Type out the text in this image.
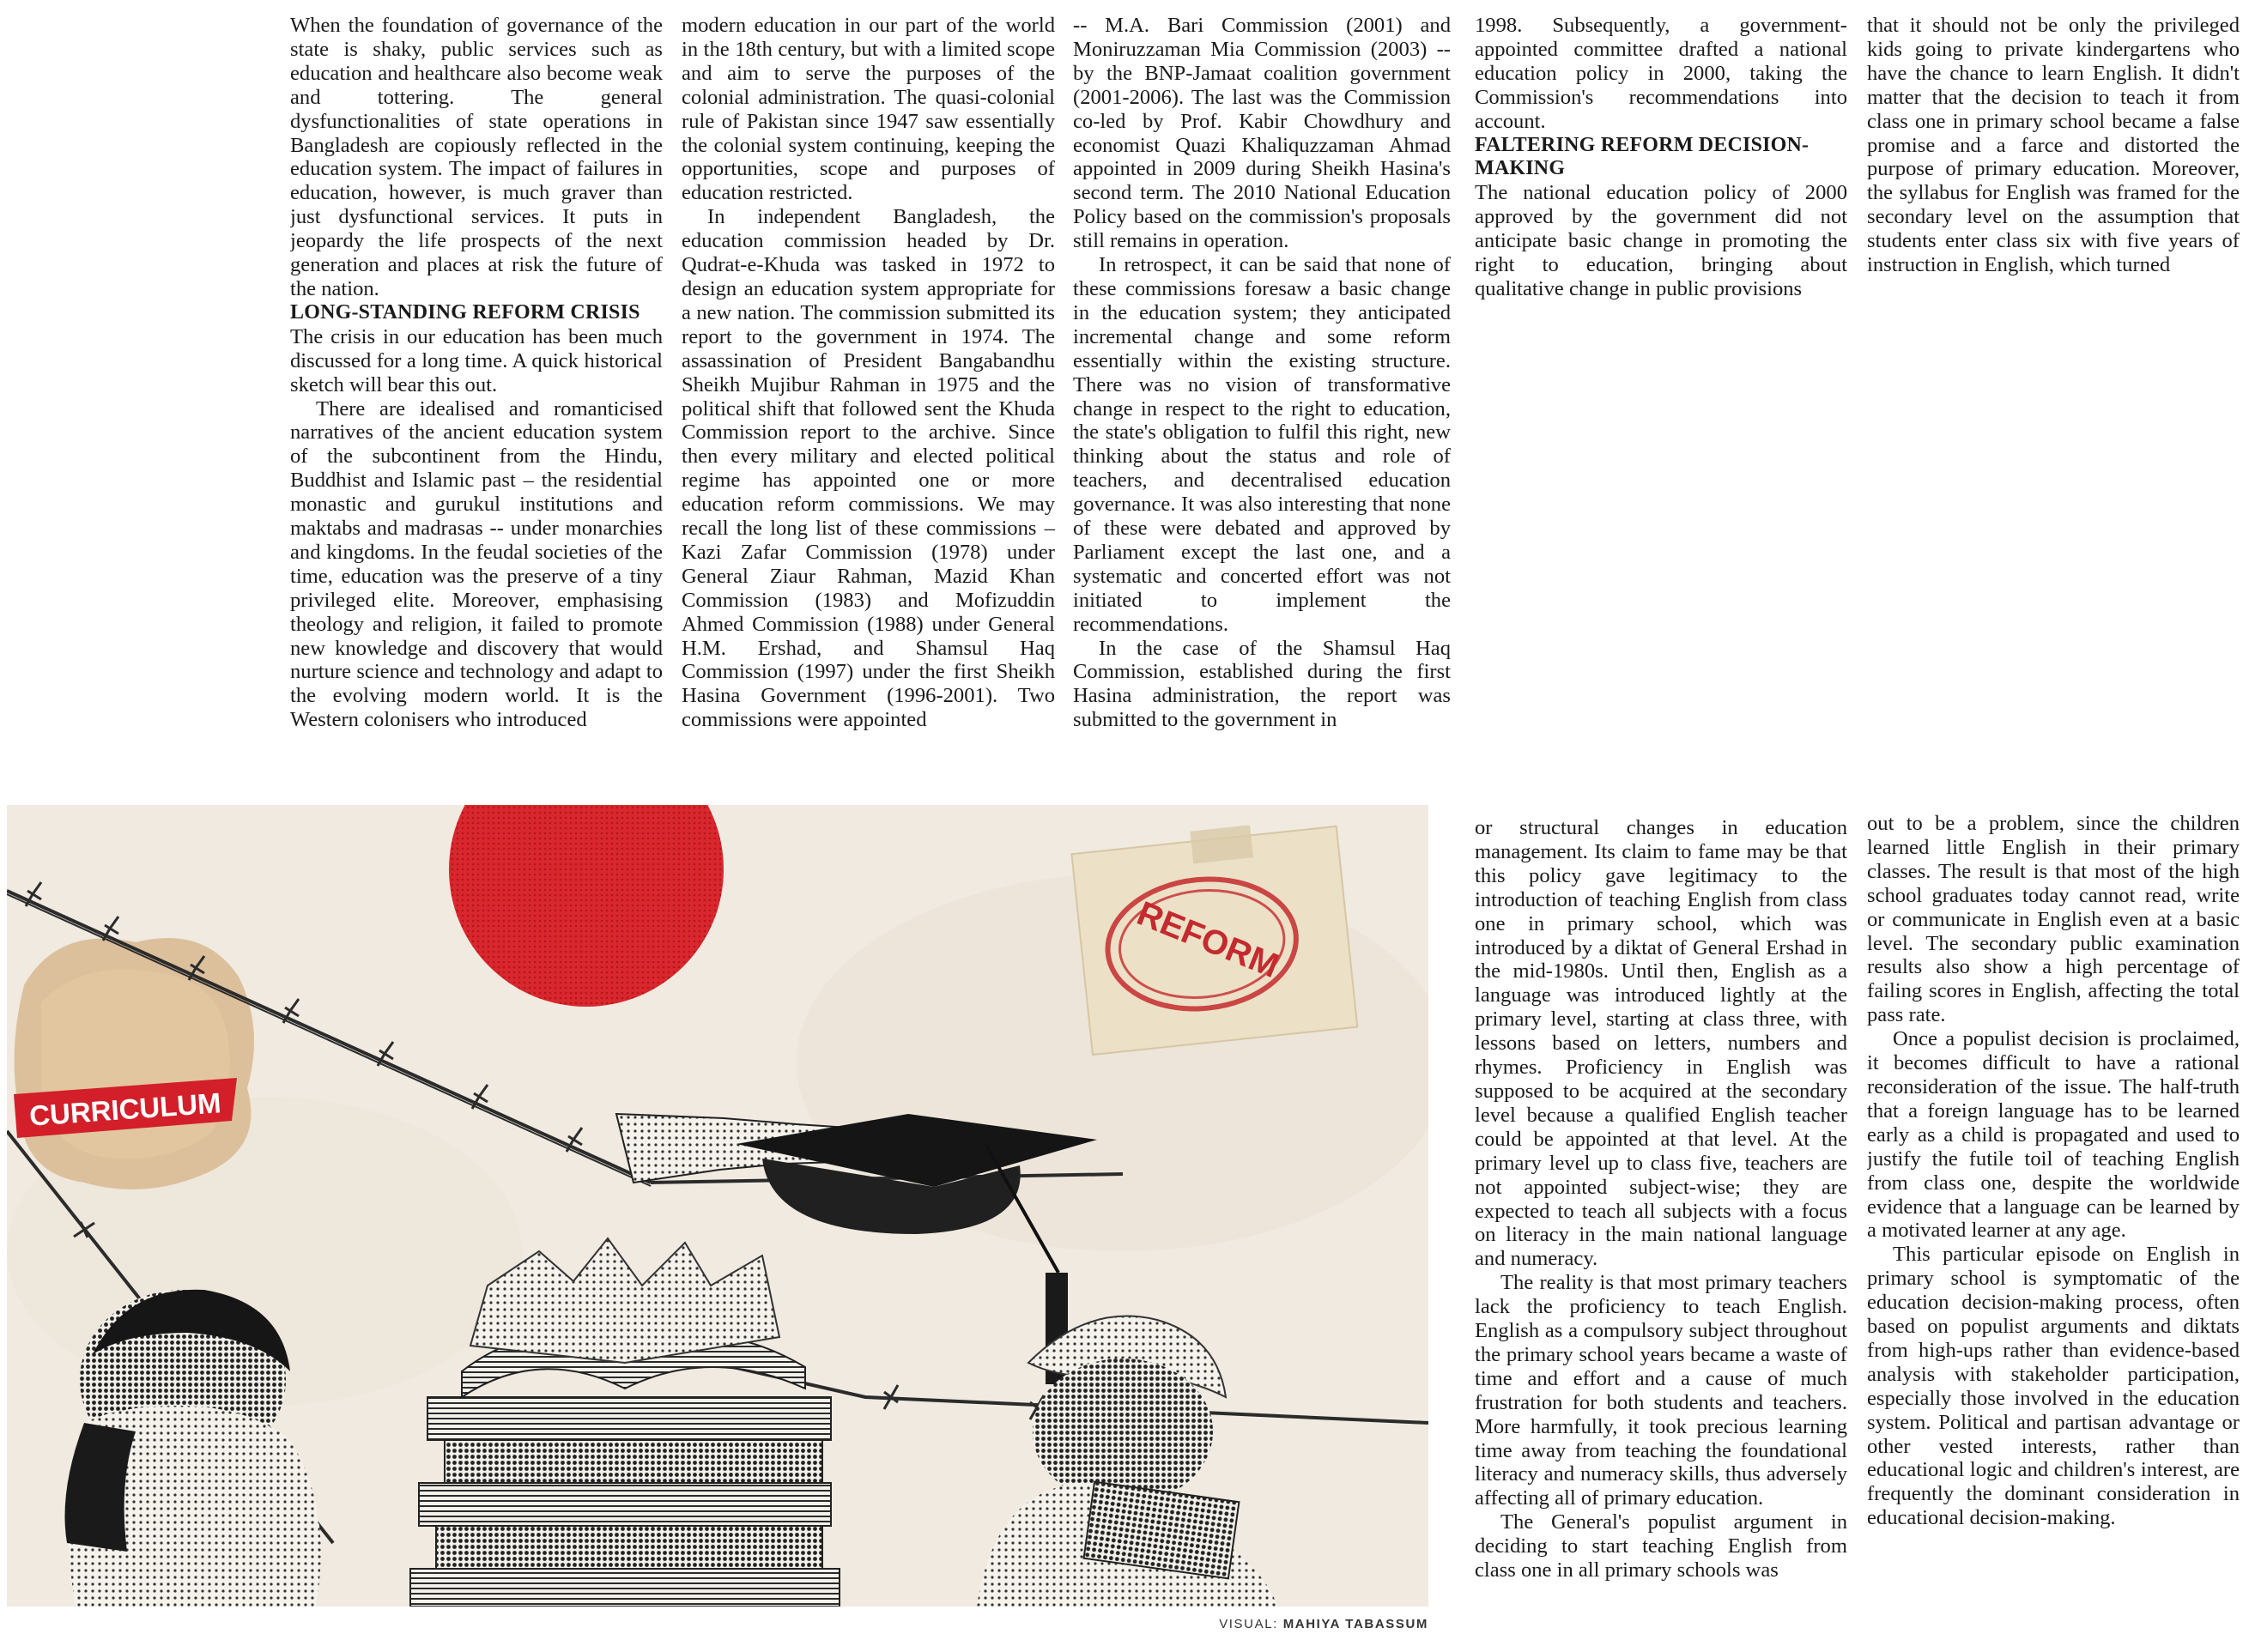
When the foundation of governance of the state is shaky, public services such as education and healthcare also become weak and tottering. The general dysfunctionalities of state operations in Bangladesh are copiously reflected in the education system. The impact of failures in education, however, is much graver than just dysfunctional services. It puts in jeopardy the life prospects of the next generation and places at risk the future of the nation.

LONG-STANDING REFORM CRISIS

The crisis in our education has been much discussed for a long time. A quick historical sketch will bear this out.

There are idealised and romanticised narratives of the ancient education system of the subcontinent from the Hindu, Buddhist and Islamic past – the residential monastic and gurukul institutions and maktabs and madrasas -- under monarchies and kingdoms. In the feudal societies of the time, education was the preserve of a tiny privileged elite. Moreover, emphasising theology and religion, it failed to promote new knowledge and discovery that would nurture science and technology and adapt to the evolving modern world. It is the Western colonisers who introduced

modern education in our part of the world in the 18th century, but with a limited scope and aim to serve the purposes of the colonial administration. The quasi-colonial rule of Pakistan since 1947 saw essentially the colonial system continuing, keeping the opportunities, scope and purposes of education restricted.

In independent Bangladesh, the education commission headed by Dr. Qudrat-e-Khuda was tasked in 1972 to design an education system appropriate for a new nation. The commission submitted its report to the government in 1974. The assassination of President Bangabandhu Sheikh Mujibur Rahman in 1975 and the political shift that followed sent the Khuda Commission report to the archive. Since then every military and elected political regime has appointed one or more education reform commissions. We may recall the long list of these commissions – Kazi Zafar Commission (1978) under General Ziaur Rahman, Mazid Khan Commission (1983) and Mofizuddin Ahmed Commission (1988) under General H.M. Ershad, and Shamsul Haq Commission (1997) under the first Sheikh Hasina Government (1996-2001). Two commissions were appointed

-- M.A. Bari Commission (2001) and Moniruzzaman Mia Commission (2003) -- by the BNP-Jamaat coalition government (2001-2006). The last was the Commission co-led by Prof. Kabir Chowdhury and economist Quazi Khaliquzzaman Ahmad appointed in 2009 during Sheikh Hasina's second term. The 2010 National Education Policy based on the commission's proposals still remains in operation.

In retrospect, it can be said that none of these commissions foresaw a basic change in the education system; they anticipated incremental change and some reform essentially within the existing structure. There was no vision of transformative change in respect to the right to education, the state's obligation to fulfil this right, new thinking about the status and role of teachers, and decentralised education governance. It was also interesting that none of these were debated and approved by Parliament except the last one, and a systematic and concerted effort was not initiated to implement the recommendations.

In the case of the Shamsul Haq Commission, established during the first Hasina administration, the report was submitted to the government in

1998. Subsequently, a government-appointed committee drafted a national education policy in 2000, taking the Commission's recommendations into account.

FALTERING REFORM DECISION-MAKING

The national education policy of 2000 approved by the government did not anticipate basic change in promoting the right to education, bringing about qualitative change in public provisions

that it should not be only the privileged kids going to private kindergartens who have the chance to learn English. It didn't matter that the decision to teach it from class one in primary school became a false promise and a farce and distorted the purpose of primary education. Moreover, the syllabus for English was framed for the secondary level on the assumption that students enter class six with five years of instruction in English, which turned

CURRICULUM
REFORM
VISUAL: MAHIYA TABASSUM

or structural changes in education management. Its claim to fame may be that this policy gave legitimacy to the introduction of teaching English from class one in primary school, which was introduced by a diktat of General Ershad in the mid-1980s. Until then, English as a language was introduced lightly at the primary level, starting at class three, with lessons based on letters, numbers and rhymes. Proficiency in English was supposed to be acquired at the secondary level because a qualified English teacher could be appointed at that level. At the primary level up to class five, teachers are not appointed subject-wise; they are expected to teach all subjects with a focus on literacy in the main national language and numeracy.

The reality is that most primary teachers lack the proficiency to teach English. English as a compulsory subject throughout the primary school years became a waste of time and effort and a cause of much frustration for both students and teachers. More harmfully, it took precious learning time away from teaching the foundational literacy and numeracy skills, thus adversely affecting all of primary education.

The General's populist argument in deciding to start teaching English from class one in all primary schools was

out to be a problem, since the children learned little English in their primary classes. The result is that most of the high school graduates today cannot read, write or communicate in English even at a basic level. The secondary public examination results also show a high percentage of failing scores in English, affecting the total pass rate.

Once a populist decision is proclaimed, it becomes difficult to have a rational reconsideration of the issue. The half-truth that a foreign language has to be learned early as a child is propagated and used to justify the futile toil of teaching English from class one, despite the worldwide evidence that a language can be learned by a motivated learner at any age.

This particular episode on English in primary school is symptomatic of the education decision-making process, often based on populist arguments and diktats from high-ups rather than evidence-based analysis with stakeholder participation, especially those involved in the education system. Political and partisan advantage or other vested interests, rather than educational logic and children's interest, are frequently the dominant consideration in educational decision-making.
